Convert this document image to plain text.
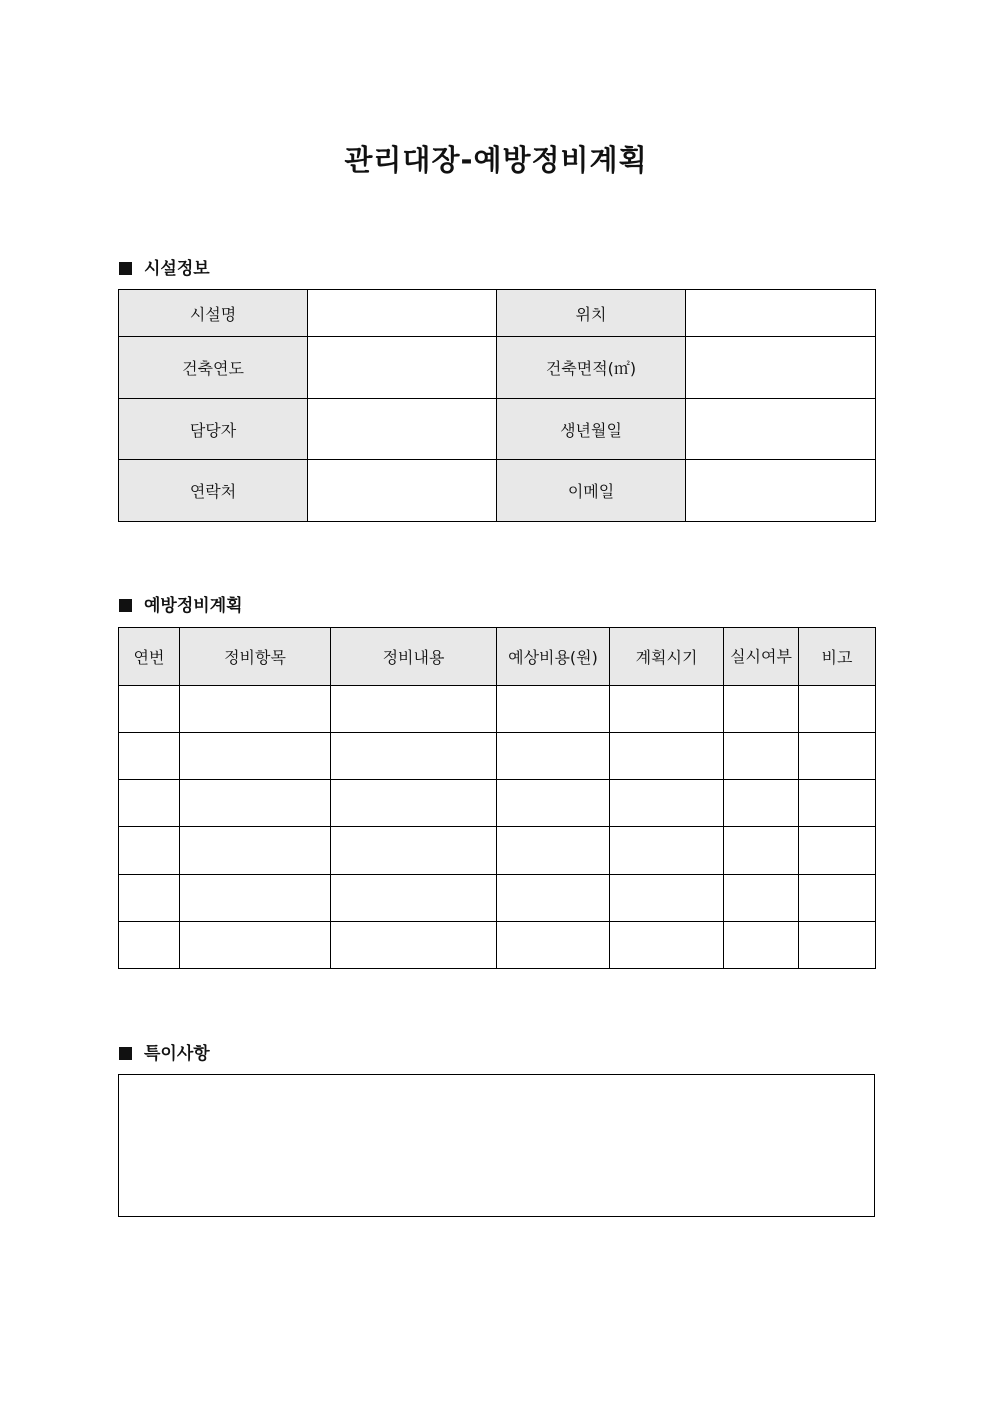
관리대장-예방정비계획
시설정보
시설명		위치	
건축연도		건축면적(㎡)	
담당자		생년월일	
연락처		이메일	
예방정비계획
연번	정비항목	정비내용	예상비용(원)	계획시기	실시여부	비고

특이사항
